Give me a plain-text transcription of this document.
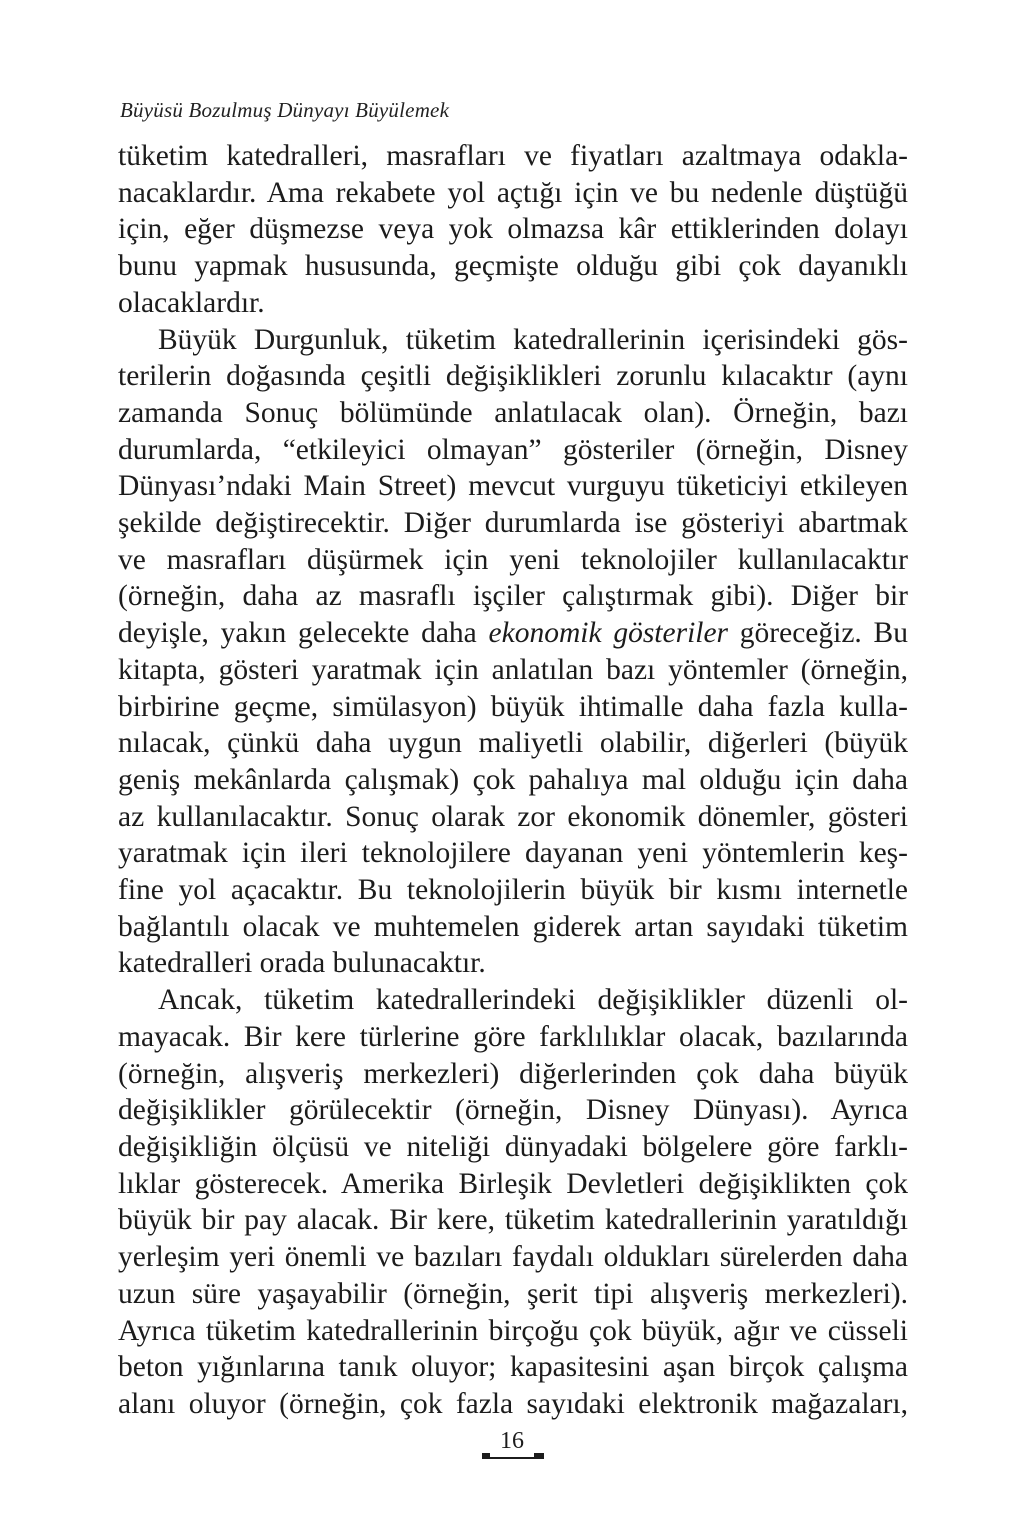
Büyüsü Bozulmuş Dünyayı Büyülemek
tüketim katedralleri, masrafları ve fiyatları azaltmaya odakla-
nacaklardır. Ama rekabete yol açtığı için ve bu nedenle düştüğü
için, eğer düşmezse veya yok olmazsa kâr ettiklerinden dolayı
bunu yapmak hususunda, geçmişte olduğu gibi çok dayanıklı
olacaklardır.
Büyük Durgunluk, tüketim katedrallerinin içerisindeki gös-
terilerin doğasında çeşitli değişiklikleri zorunlu kılacaktır (aynı
zamanda Sonuç bölümünde anlatılacak olan). Örneğin, bazı
durumlarda, “etkileyici olmayan” gösteriler (örneğin, Disney
Dünyası’ndaki Main Street) mevcut vurguyu tüketiciyi etkileyen
şekilde değiştirecektir. Diğer durumlarda ise gösteriyi abartmak
ve masrafları düşürmek için yeni teknolojiler kullanılacaktır
(örneğin, daha az masraflı işçiler çalıştırmak gibi). Diğer bir
deyişle, yakın gelecekte daha ekonomik gösteriler göreceğiz. Bu
kitapta, gösteri yaratmak için anlatılan bazı yöntemler (örneğin,
birbirine geçme, simülasyon) büyük ihtimalle daha fazla kulla-
nılacak, çünkü daha uygun maliyetli olabilir, diğerleri (büyük
geniş mekânlarda çalışmak) çok pahalıya mal olduğu için daha
az kullanılacaktır. Sonuç olarak zor ekonomik dönemler, gösteri
yaratmak için ileri teknolojilere dayanan yeni yöntemlerin keş-
fine yol açacaktır. Bu teknolojilerin büyük bir kısmı internetle
bağlantılı olacak ve muhtemelen giderek artan sayıdaki tüketim
katedralleri orada bulunacaktır.
Ancak, tüketim katedrallerindeki değişiklikler düzenli ol-
mayacak. Bir kere türlerine göre farklılıklar olacak, bazılarında
(örneğin, alışveriş merkezleri) diğerlerinden çok daha büyük
değişiklikler görülecektir (örneğin, Disney Dünyası). Ayrıca
değişikliğin ölçüsü ve niteliği dünyadaki bölgelere göre farklı-
lıklar gösterecek. Amerika Birleşik Devletleri değişiklikten çok
büyük bir pay alacak. Bir kere, tüketim katedrallerinin yaratıldığı
yerleşim yeri önemli ve bazıları faydalı oldukları sürelerden daha
uzun süre yaşayabilir (örneğin, şerit tipi alışveriş merkezleri).
Ayrıca tüketim katedrallerinin birçoğu çok büyük, ağır ve cüsseli
beton yığınlarına tanık oluyor; kapasitesini aşan birçok çalışma
alanı oluyor (örneğin, çok fazla sayıdaki elektronik mağazaları,
16
